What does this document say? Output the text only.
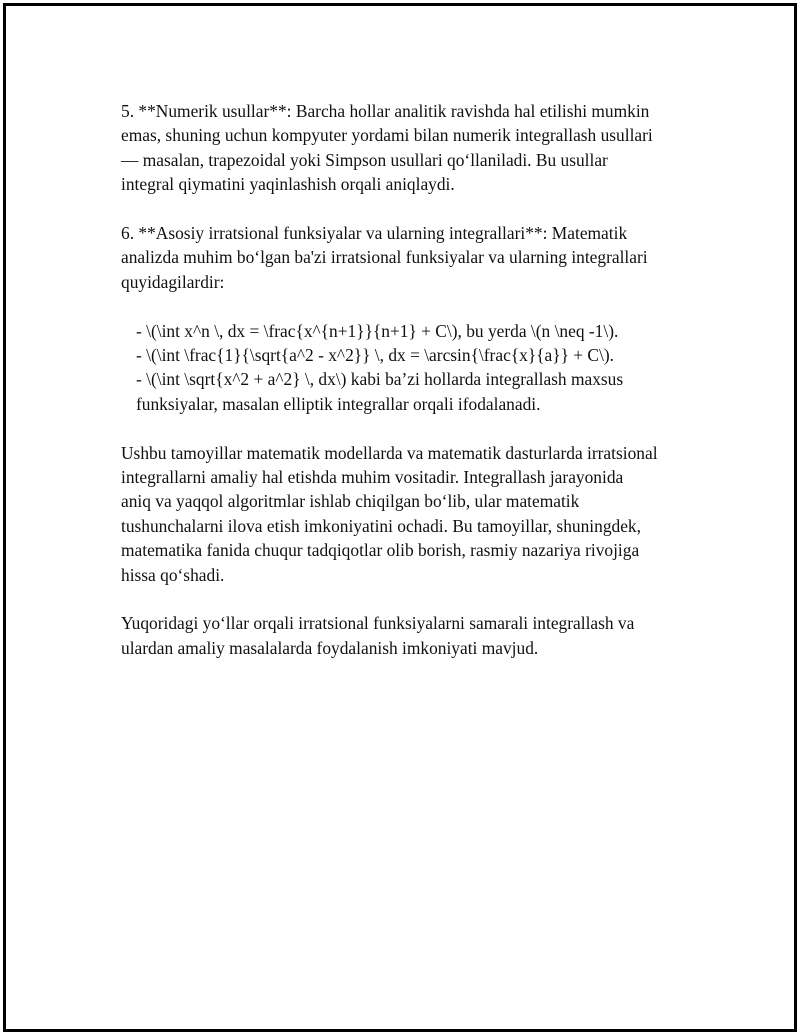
5. **Numerik usullar**: Barcha hollar analitik ravishda hal etilishi mumkin
emas, shuning uchun kompyuter yordami bilan numerik integrallash usullari
— masalan, trapezoidal yoki Simpson usullari qo‘llaniladi. Bu usullar
integral qiymatini yaqinlashish orqali aniqlaydi.

6. **Asosiy irratsional funksiyalar va ularning integrallari**: Matematik
analizda muhim bo‘lgan ba'zi irratsional funksiyalar va ularning integrallari
quyidagilardir:

- \(\int x^n \, dx = \frac{x^{n+1}}{n+1} + C\), bu yerda \(n \neq -1\).
- \(\int \frac{1}{\sqrt{a^2 - x^2}} \, dx = \arcsin{\frac{x}{a}} + C\).
- \(\int \sqrt{x^2 + a^2} \, dx\) kabi ba’zi hollarda integrallash maxsus
funksiyalar, masalan elliptik integrallar orqali ifodalanadi.

Ushbu tamoyillar matematik modellarda va matematik dasturlarda irratsional
integrallarni amaliy hal etishda muhim vositadir. Integrallash jarayonida
aniq va yaqqol algoritmlar ishlab chiqilgan bo‘lib, ular matematik
tushunchalarni ilova etish imkoniyatini ochadi. Bu tamoyillar, shuningdek,
matematika fanida chuqur tadqiqotlar olib borish, rasmiy nazariya rivojiga
hissa qo‘shadi.

Yuqoridagi yo‘llar orqali irratsional funksiyalarni samarali integrallash va
ulardan amaliy masalalarda foydalanish imkoniyati mavjud.
